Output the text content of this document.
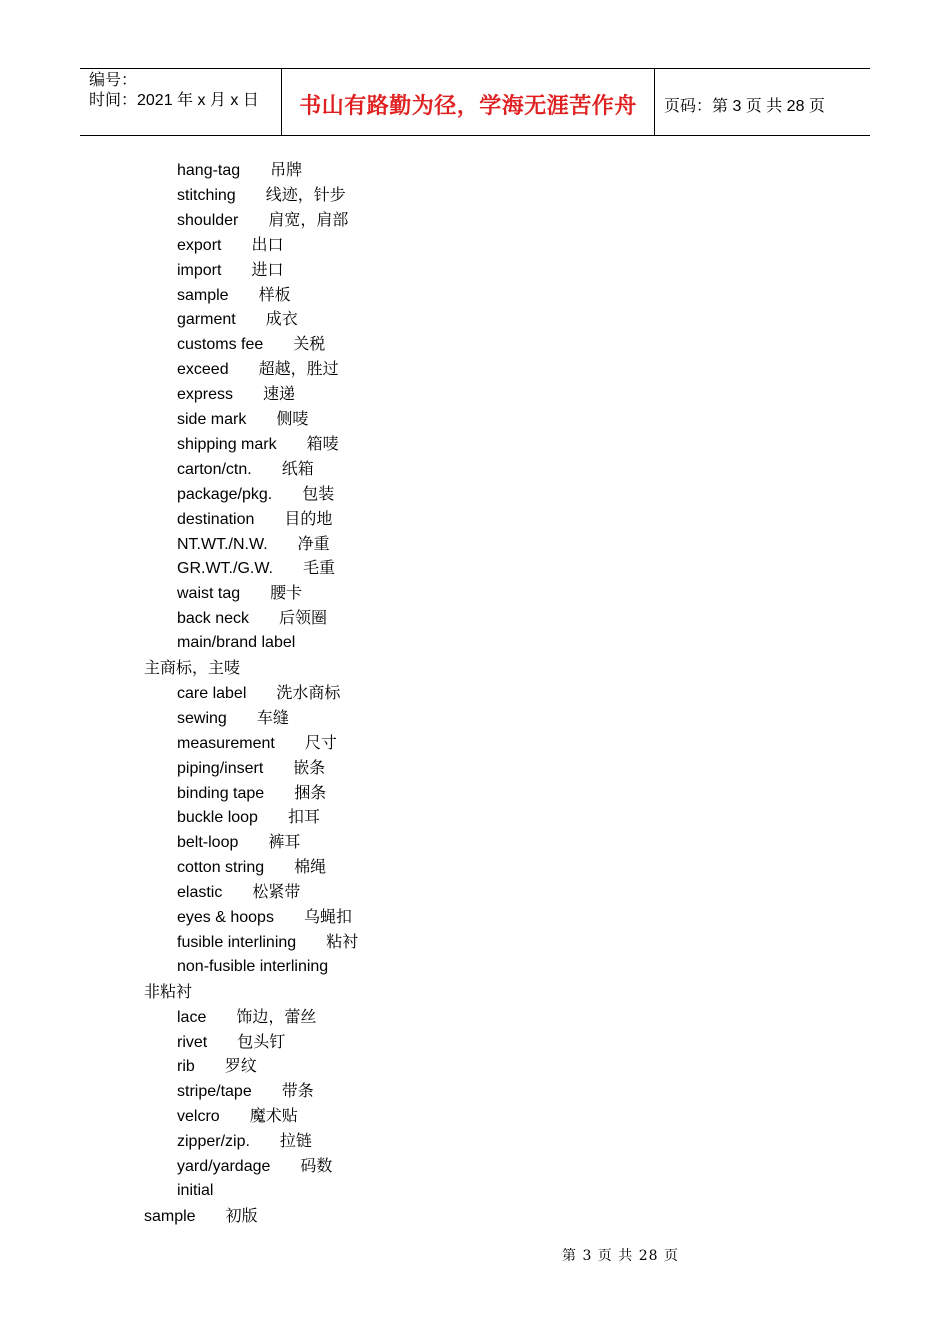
编号：
时间：2021 年 x 月 x 日	书山有路勤为径，学海无涯苦作舟	页码：第 3 页 共 28 页
hang-tag 吊牌
stitching 线迹，针步
shoulder 肩宽，肩部
export 出口
import 进口
sample 样板
garment 成衣
customs fee 关税
exceed 超越，胜过
express 速递
side mark 侧唛
shipping mark 箱唛
carton/ctn. 纸箱
package/pkg. 包装
destination 目的地
NT.WT./N.W. 净重
GR.WT./G.W. 毛重
waist tag 腰卡
back neck 后领圈
main/brand label
主商标，主唛
care label 洗水商标
sewing 车缝
measurement 尺寸
piping/insert 嵌条
binding tape 捆条
buckle loop 扣耳
belt-loop 裤耳
cotton string 棉绳
elastic 松紧带
eyes & hoops 乌蝇扣
fusible interlining 粘衬
non-fusible interlining
非粘衬
lace 饰边，蕾丝
rivet 包头钉
rib 罗纹
stripe/tape 带条
velcro 魔术贴
zipper/zip. 拉链
yard/yardage 码数
initial
sample 初版
第 3 页 共 28 页
